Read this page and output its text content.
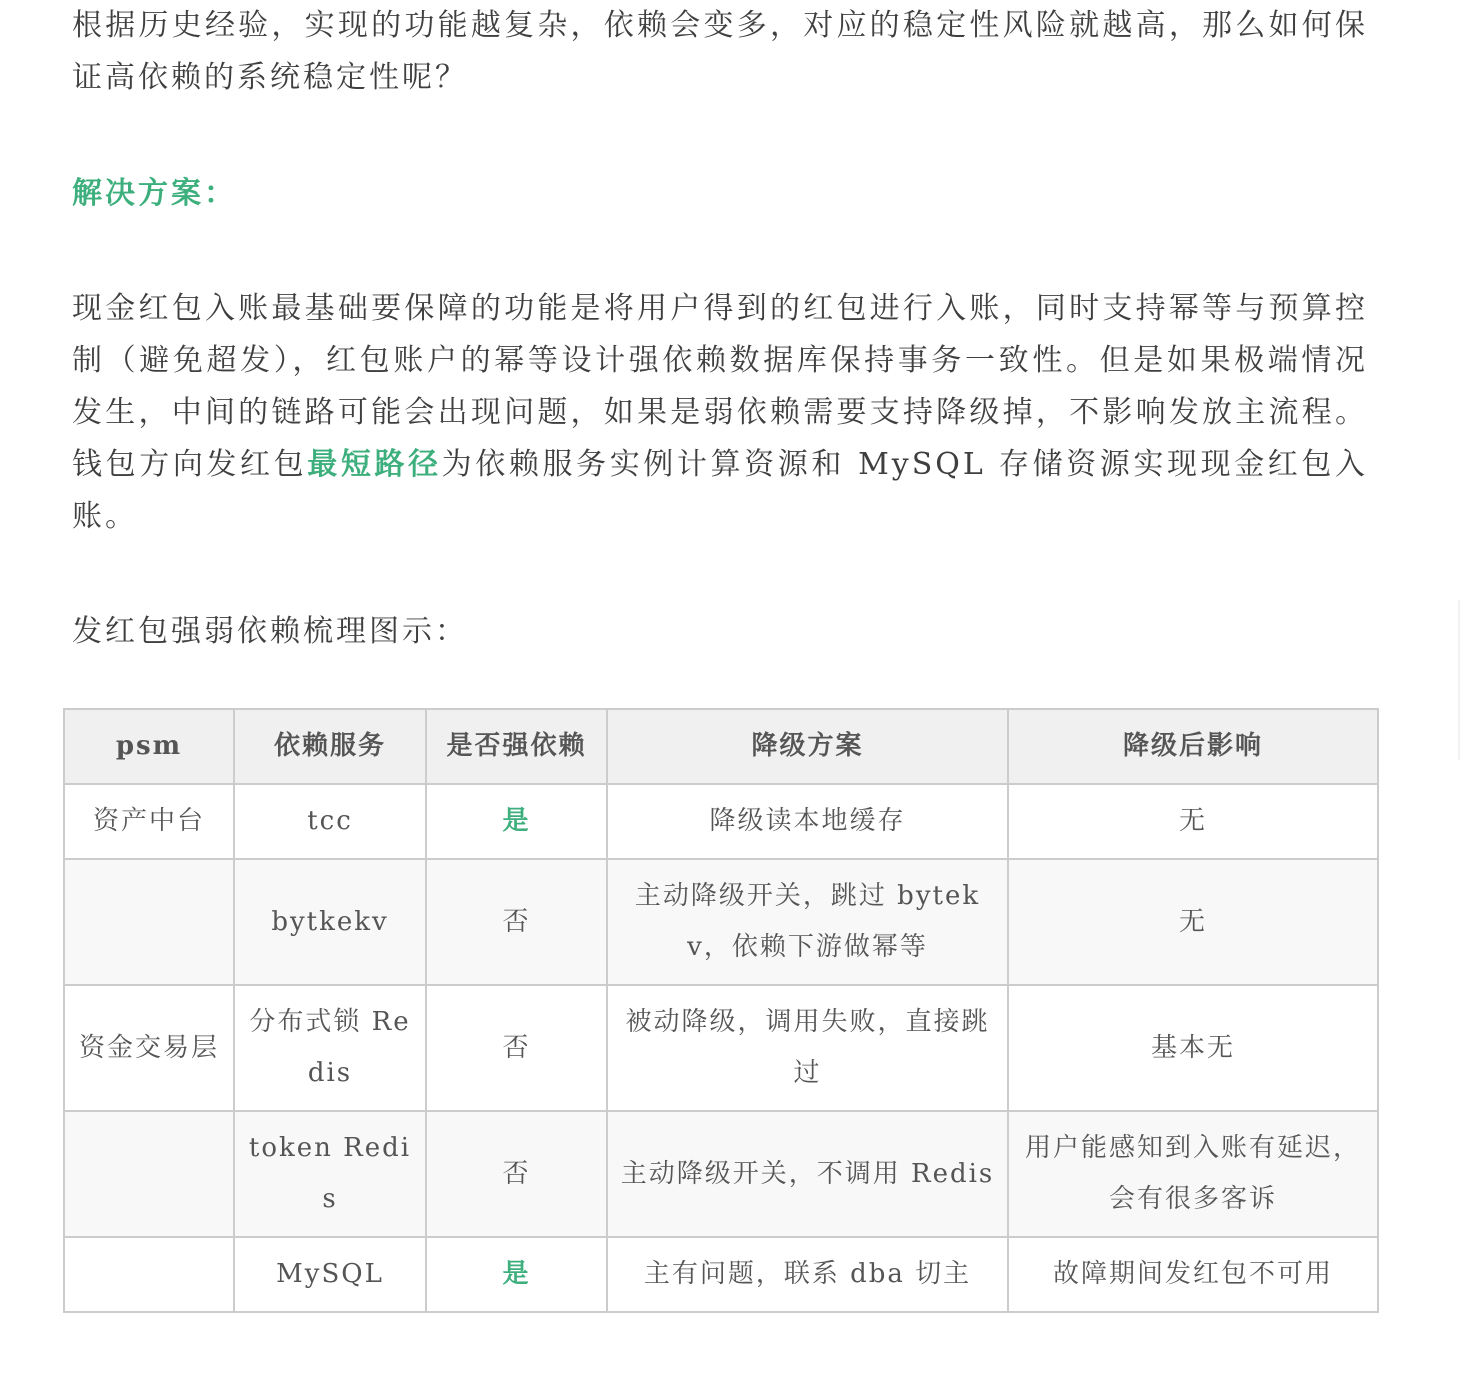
根据历史经验，实现的功能越复杂，依赖会变多，对应的稳定性风险就越高，那么如何保证高依赖的系统稳定性呢？

解决方案：

现金红包入账最基础要保障的功能是将用户得到的红包进行入账，同时支持幂等与预算控制（避免超发），红包账户的幂等设计强依赖数据库保持事务一致性。但是如果极端情况发生，中间的链路可能会出现问题，如果是弱依赖需要支持降级掉，不影响发放主流程。钱包方向发红包最短路径为依赖服务实例计算资源和 MySQL 存储资源实现现金红包入账。

发红包强弱依赖梳理图示：

psm	依赖服务	是否强依赖	降级方案	降级后影响
资产中台	tcc	是	降级读本地缓存	无
	bytkekv	否	主动降级开关，跳过 bytekv，依赖下游做幂等	无
资金交易层	分布式锁 Redis	否	被动降级，调用失败，直接跳过	基本无
	token Redis	否	主动降级开关，不调用 Redis	用户能感知到入账有延迟，会有很多客诉
	MySQL	是	主有问题，联系 dba 切主	故障期间发红包不可用
